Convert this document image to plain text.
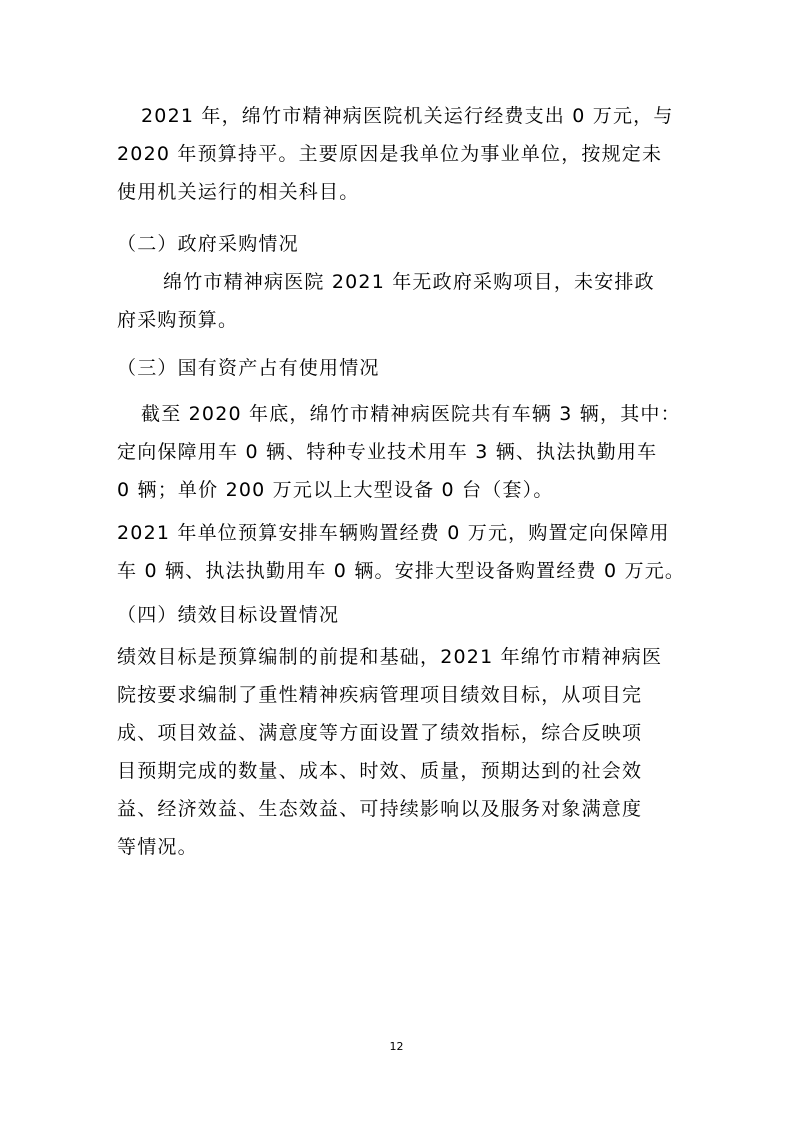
2021 年，绵竹市精神病医院机关运行经费支出 0 万元，与
2020 年预算持平。主要原因是我单位为事业单位，按规定未
使用机关运行的相关科目。

（二）政府采购情况

绵竹市精神病医院 2021 年无政府采购项目，未安排政
府采购预算。

（三）国有资产占有使用情况

截至 2020 年底，绵竹市精神病医院共有车辆 3 辆，其中：
定向保障用车 0 辆、特种专业技术用车 3 辆、执法执勤用车
0 辆；单价 200 万元以上大型设备 0 台（套）。

2021 年单位预算安排车辆购置经费 0 万元，购置定向保障用
车 0 辆、执法执勤用车 0 辆。安排大型设备购置经费 0 万元。

（四）绩效目标设置情况

绩效目标是预算编制的前提和基础，2021 年绵竹市精神病医
院按要求编制了重性精神疾病管理项目绩效目标，从项目完
成、项目效益、满意度等方面设置了绩效指标，综合反映项
目预期完成的数量、成本、时效、质量，预期达到的社会效
益、经济效益、生态效益、可持续影响以及服务对象满意度
等情况。

12
